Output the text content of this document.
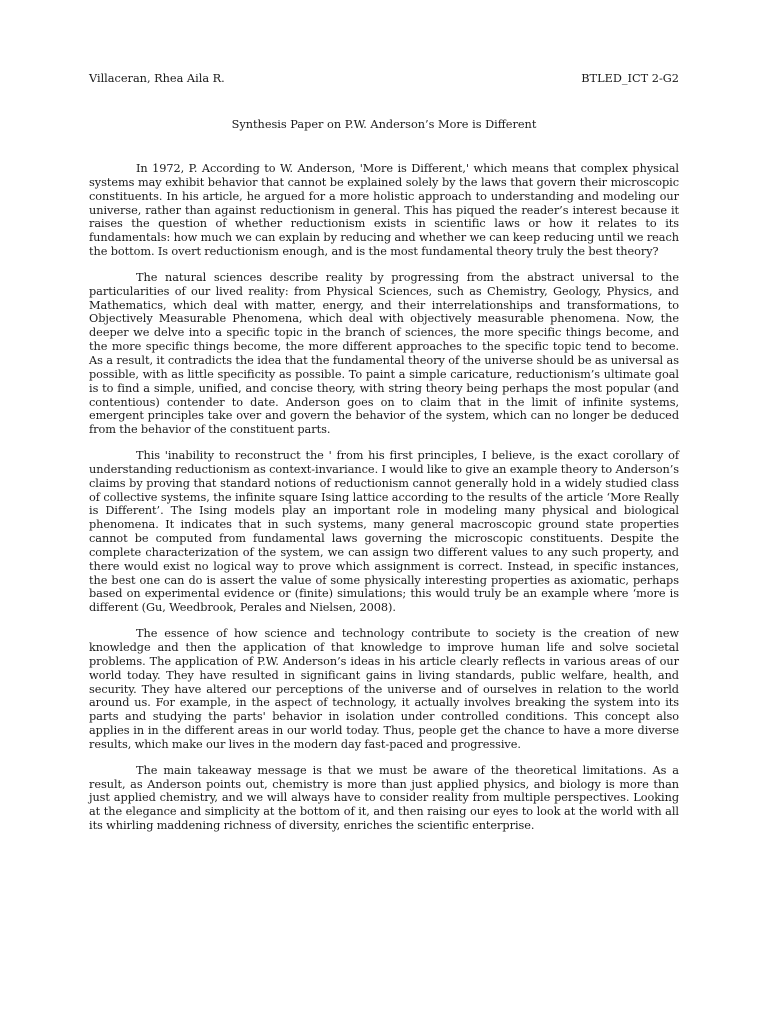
Villaceran, Rhea Aila R.	BTLED_ICT 2-G2
Synthesis Paper on P.W. Anderson’s More is Different

In 1972, P. According to W. Anderson, 'More is Different,' which means that complex physical systems may exhibit behavior that cannot be explained solely by the laws that govern their microscopic constituents. In his article, he argued for a more holistic approach to understanding and modeling our universe, rather than against reductionism in general. This has piqued the reader’s interest because it raises the question of whether reductionism exists in scientific laws or how it relates to its fundamentals: how much we can explain by reducing and whether we can keep reducing until we reach the bottom. Is overt reductionism enough, and is the most fundamental theory truly the best theory?

The natural sciences describe reality by progressing from the abstract universal to the particularities of our lived reality: from Physical Sciences, such as Chemistry, Geology, Physics, and Mathematics, which deal with matter, energy, and their interrelationships and transformations, to Objectively Measurable Phenomena, which deal with objectively measurable phenomena. Now, the deeper we delve into a specific topic in the branch of sciences, the more specific things become, and the more specific things become, the more different approaches to the specific topic tend to become. As a result, it contradicts the idea that the fundamental theory of the universe should be as universal as possible, with as little specificity as possible. To paint a simple caricature, reductionism’s ultimate goal is to find a simple, unified, and concise theory, with string theory being perhaps the most popular (and contentious) contender to date. Anderson goes on to claim that in the limit of infinite systems, emergent principles take over and govern the behavior of the system, which can no longer be deduced from the behavior of the constituent parts.

This 'inability to reconstruct the ' from his first principles, I believe, is the exact corollary of understanding reductionism as context-invariance. I would like to give an example theory to Anderson’s claims by proving that standard notions of reductionism cannot generally hold in a widely studied class of collective systems, the infinite square Ising lattice according to the results of the article ‘More Really is Different’. The Ising models play an important role in modeling many physical and biological phenomena. It indicates that in such systems, many general macroscopic ground state properties cannot be computed from fundamental laws governing the microscopic constituents. Despite the complete characterization of the system, we can assign two different values to any such property, and there would exist no logical way to prove which assignment is correct. Instead, in specific instances, the best one can do is assert the value of some physically interesting properties as axiomatic, perhaps based on experimental evidence or (finite) simulations; this would truly be an example where ‘more is different (Gu, Weedbrook, Perales and Nielsen, 2008).

The essence of how science and technology contribute to society is the creation of new knowledge and then the application of that knowledge to improve human life and solve societal problems. The application of P.W. Anderson’s ideas in his article clearly reflects in various areas of our world today. They have resulted in significant gains in living standards, public welfare, health, and security. They have altered our perceptions of the universe and of ourselves in relation to the world around us. For example, in the aspect of technology, it actually involves breaking the system into its parts and studying the parts' behavior in isolation under controlled conditions. This concept also applies in in the different areas in our world today. Thus, people get the chance to have a more diverse results, which make our lives in the modern day fast-paced and progressive.

The main takeaway message is that we must be aware of the theoretical limitations. As a result, as Anderson points out, chemistry is more than just applied physics, and biology is more than just applied chemistry, and we will always have to consider reality from multiple perspectives. Looking at the elegance and simplicity at the bottom of it, and then raising our eyes to look at the world with all its whirling maddening richness of diversity, enriches the scientific enterprise.
